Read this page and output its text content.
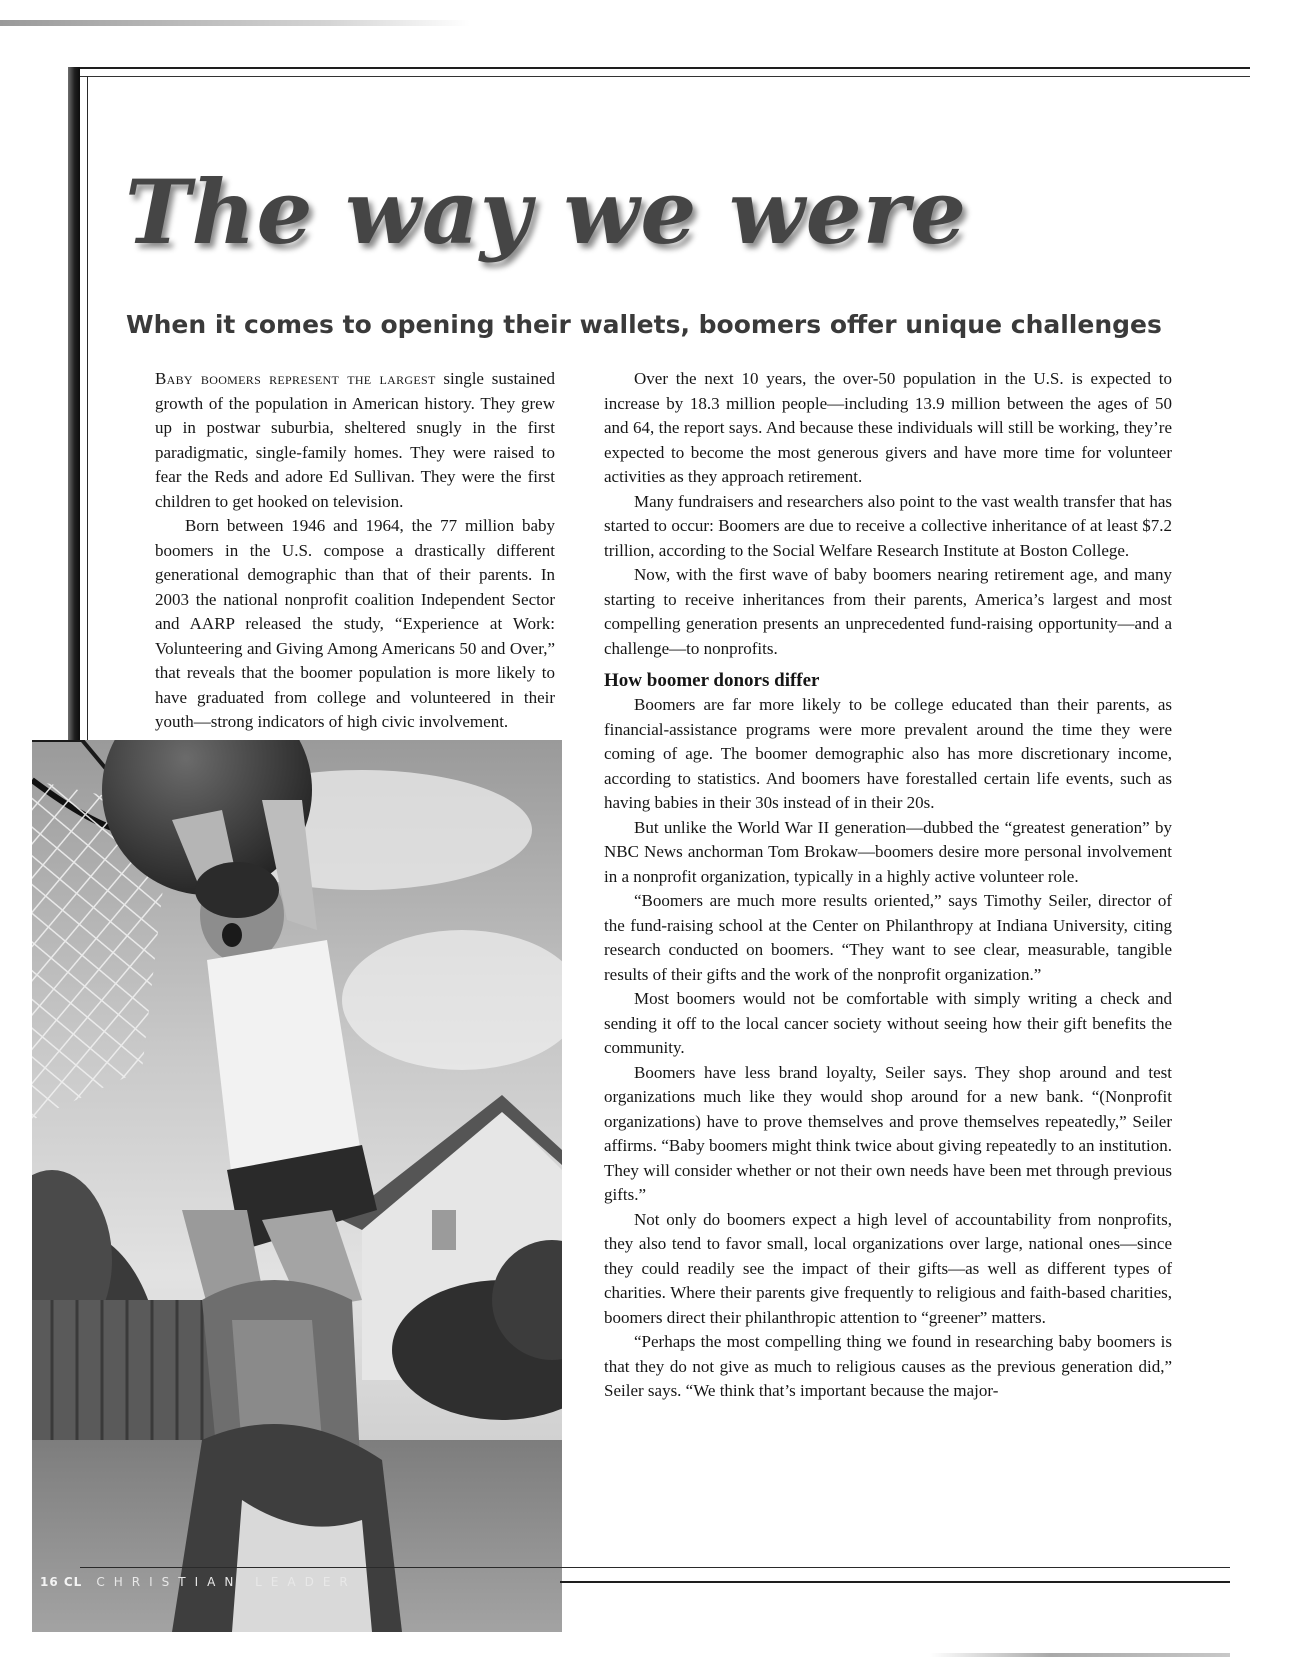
The way we were
When it comes to opening their wallets, boomers offer unique challenges

Baby boomers represent the largest single sustained growth of the population in American history. They grew up in postwar suburbia, sheltered snugly in the first paradigmatic, single-family homes. They were raised to fear the Reds and adore Ed Sullivan. They were the first children to get hooked on television.

Born between 1946 and 1964, the 77 million baby boomers in the U.S. compose a drastically different generational demographic than that of their parents. In 2003 the national nonprofit coalition Independent Sector and AARP released the study, “Experience at Work: Volunteering and Giving Among Americans 50 and Over,” that reveals that the boomer population is more likely to have graduated from college and volunteered in their youth—strong indicators of high civic involvement.

Over the next 10 years, the over-50 population in the U.S. is expected to increase by 18.3 million people—including 13.9 million between the ages of 50 and 64, the report says. And because these individuals will still be working, they’re expected to become the most generous givers and have more time for volunteer activities as they approach retirement.

Many fundraisers and researchers also point to the vast wealth transfer that has started to occur: Boomers are due to receive a collective inheritance of at least $7.2 trillion, according to the Social Welfare Research Institute at Boston College.

Now, with the first wave of baby boomers nearing retirement age, and many starting to receive inheritances from their parents, America’s largest and most compelling generation presents an unprecedented fund-raising opportunity—and a challenge—to nonprofits.

How boomer donors differ

Boomers are far more likely to be college educated than their parents, as financial-assistance programs were more prevalent around the time they were coming of age. The boomer demographic also has more discretionary income, according to statistics. And boomers have forestalled certain life events, such as having babies in their 30s instead of in their 20s.

But unlike the World War II generation—dubbed the “greatest generation” by NBC News anchorman Tom Brokaw—boomers desire more personal involvement in a nonprofit organization, typically in a highly active volunteer role.

“Boomers are much more results oriented,” says Timothy Seiler, director of the fund-raising school at the Center on Philanthropy at Indiana University, citing research conducted on boomers. “They want to see clear, measurable, tangible results of their gifts and the work of the nonprofit organization.”

Most boomers would not be comfortable with simply writing a check and sending it off to the local cancer society without seeing how their gift benefits the community.

Boomers have less brand loyalty, Seiler says. They shop around and test organizations much like they would shop around for a new bank. “(Nonprofit organizations) have to prove themselves and prove themselves repeatedly,” Seiler affirms. “Baby boomers might think twice about giving repeatedly to an institution. They will consider whether or not their own needs have been met through previous gifts.”

Not only do boomers expect a high level of accountability from nonprofits, they also tend to favor small, local organizations over large, national ones—since they could readily see the impact of their gifts—as well as different types of charities. Where their parents give frequently to religious and faith-based charities, boomers direct their philanthropic attention to “greener” matters.

“Perhaps the most compelling thing we found in researching baby boomers is that they do not give as much to religious causes as the previous generation did,” Seiler says. “We think that’s important because the major-

16 CL CHRISTIAN LEADER
